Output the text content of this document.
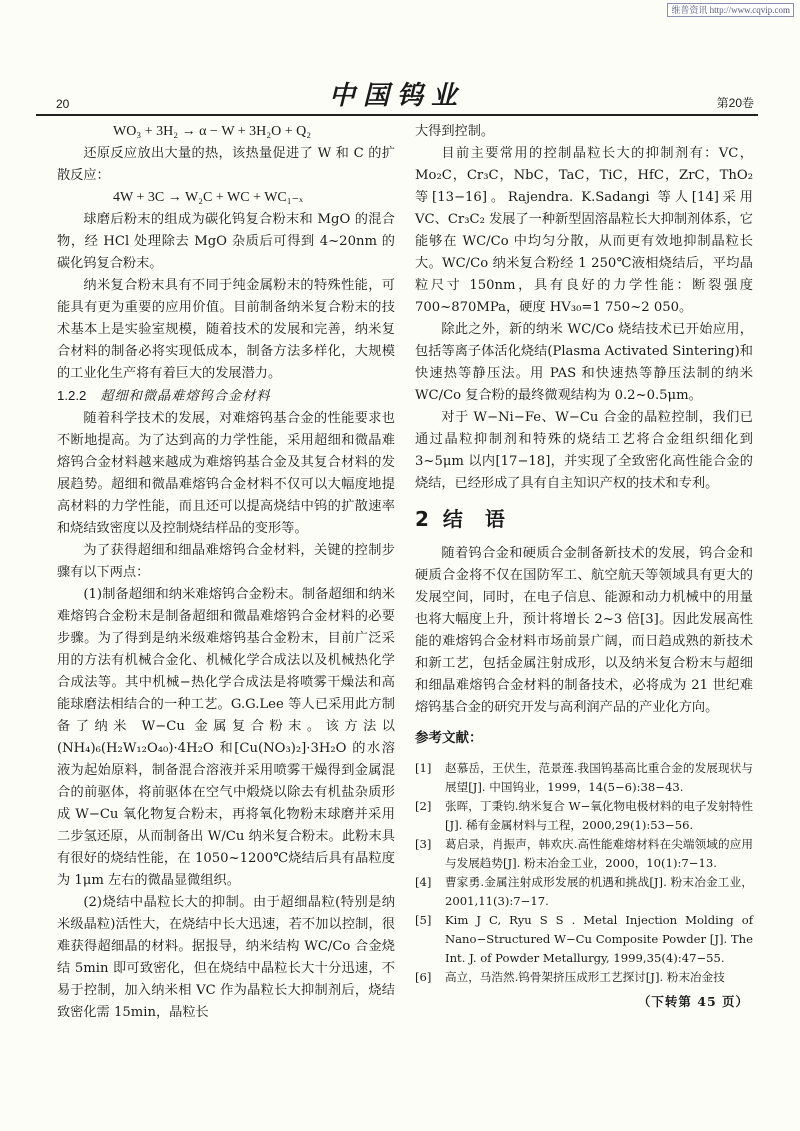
维普资讯 http://www.cqvip.com
20	中国钨业	第20卷

WO₃ + 3H₂ → α − W + 3H₂O + Q₂

还原反应放出大量的热，该热量促进了 W 和 C 的扩散反应：

4W + 3C → W₂C + WC + WC₁₋ₓ

球磨后粉末的组成为碳化钨复合粉末和 MgO 的混合物，经 HCl 处理除去 MgO 杂质后可得到 4~20nm 的碳化钨复合粉末。

纳米复合粉末具有不同于纯金属粉末的特殊性能，可能具有更为重要的应用价值。目前制备纳米复合粉末的技术基本上是实验室规模，随着技术的发展和完善，纳米复合材料的制备必将实现低成本，制备方法多样化，大规模的工业化生产将有着巨大的发展潜力。

1.2.2 超细和微晶难熔钨合金材料

随着科学技术的发展，对难熔钨基合金的性能要求也不断地提高。为了达到高的力学性能，采用超细和微晶难熔钨合金材料越来越成为难熔钨基合金及其复合材料的发展趋势。超细和微晶难熔钨合金材料不仅可以大幅度地提高材料的力学性能，而且还可以提高烧结中钨的扩散速率和烧结致密度以及控制烧结样品的变形等。

为了获得超细和细晶难熔钨合金材料，关键的控制步骤有以下两点：

(1)制备超细和纳米难熔钨合金粉末。制备超细和纳米难熔钨合金粉末是制备超细和微晶难熔钨合金材料的必要步骤。为了得到是纳米级难熔钨基合金粉末，目前广泛采用的方法有机械合金化、机械化学合成法以及机械热化学合成法等。其中机械−热化学合成法是将喷雾干燥法和高能球磨法相结合的一种工艺。G.G.Lee 等人已采用此方制备了纳米 W−Cu 金属复合粉末。该方法以(NH₄)₆(H₂W₁₂O₄₀)·4H₂O 和[Cu(NO₃)₂]·3H₂O 的水溶液为起始原料，制备混合溶液并采用喷雾干燥得到金属混合的前驱体，将前驱体在空气中煅烧以除去有机盐杂质形成 W−Cu 氧化物复合粉末，再将氧化物粉末球磨并采用二步氢还原，从而制备出 W/Cu 纳米复合粉末。此粉末具有很好的烧结性能，在 1050~1200℃烧结后具有晶粒度为 1μm 左右的微晶显微组织。

(2)烧结中晶粒长大的抑制。由于超细晶粒(特别是纳米级晶粒)活性大，在烧结中长大迅速，若不加以控制，很难获得超细晶的材料。据报导，纳米结构 WC/Co 合金烧结 5min 即可致密化，但在烧结中晶粒长大十分迅速，不易于控制，加入纳米相 VC 作为晶粒长大抑制剂后，烧结致密化需 15min，晶粒长

大得到控制。

目前主要常用的控制晶粒长大的抑制剂有：VC，Mo₂C，Cr₃C，NbC，TaC，TiC，HfC，ZrC，ThO₂ 等[13−16]。Rajendra. K.Sadangi 等人[14]采用 VC、Cr₃C₂ 发展了一种新型固溶晶粒长大抑制剂体系，它能够在 WC/Co 中均匀分散，从而更有效地抑制晶粒长大。WC/Co 纳米复合粉经 1 250℃液相烧结后，平均晶粒尺寸 150nm，具有良好的力学性能：断裂强度 700~870MPa，硬度 HV₃₀=1 750~2 050。

除此之外，新的纳米 WC/Co 烧结技术已开始应用，包括等离子体活化烧结(Plasma Activated Sintering)和快速热等静压法。用 PAS 和快速热等静压法制的纳米 WC/Co 复合粉的最终微观结构为 0.2~0.5μm。

对于 W−Ni−Fe、W−Cu 合金的晶粒控制，我们已通过晶粒抑制剂和特殊的烧结工艺将合金组织细化到 3~5μm 以内[17−18]，并实现了全致密化高性能合金的烧结，已经形成了具有自主知识产权的技术和专利。

2 结语

随着钨合金和硬质合金制备新技术的发展，钨合金和硬质合金将不仅在国防军工、航空航天等领域具有更大的发展空间，同时，在电子信息、能源和动力机械中的用量也将大幅度上升，预计将增长 2~3 倍[3]。因此发展高性能的难熔钨合金材料市场前景广阔，而日趋成熟的新技术和新工艺，包括金属注射成形，以及纳米复合粉末与超细和细晶难熔钨合金材料的制备技术，必将成为 21 世纪难熔钨基合金的研究开发与高利润产品的产业化方向。

参考文献：
[1]	赵慕岳，王伏生，范景莲.我国钨基高比重合金的发展现状与展望[J]. 中国钨业，1999，14(5−6):38−43.
[2]	张晖，丁秉钧.纳米复合 W−氧化物电极材料的电子发射特性[J]. 稀有金属材料与工程，2000,29(1):53−56.
[3]	葛启录，肖振声，韩欢庆.高性能难熔材料在尖端领域的应用与发展趋势[J]. 粉末冶金工业，2000，10(1):7−13.
[4]	曹家勇.金属注射成形发展的机遇和挑战[J]. 粉末冶金工业，2001,11(3):7−17.
[5]	Kim J C, Ryu S S . Metal Injection Molding of Nano−Structured W−Cu Composite Powder [J]. The Int. J. of Powder Metallurgy, 1999,35(4):47−55.
[6]	高立，马浩然.钨骨架挤压成形工艺探讨[J]. 粉末冶金技
（下转第 45 页）
